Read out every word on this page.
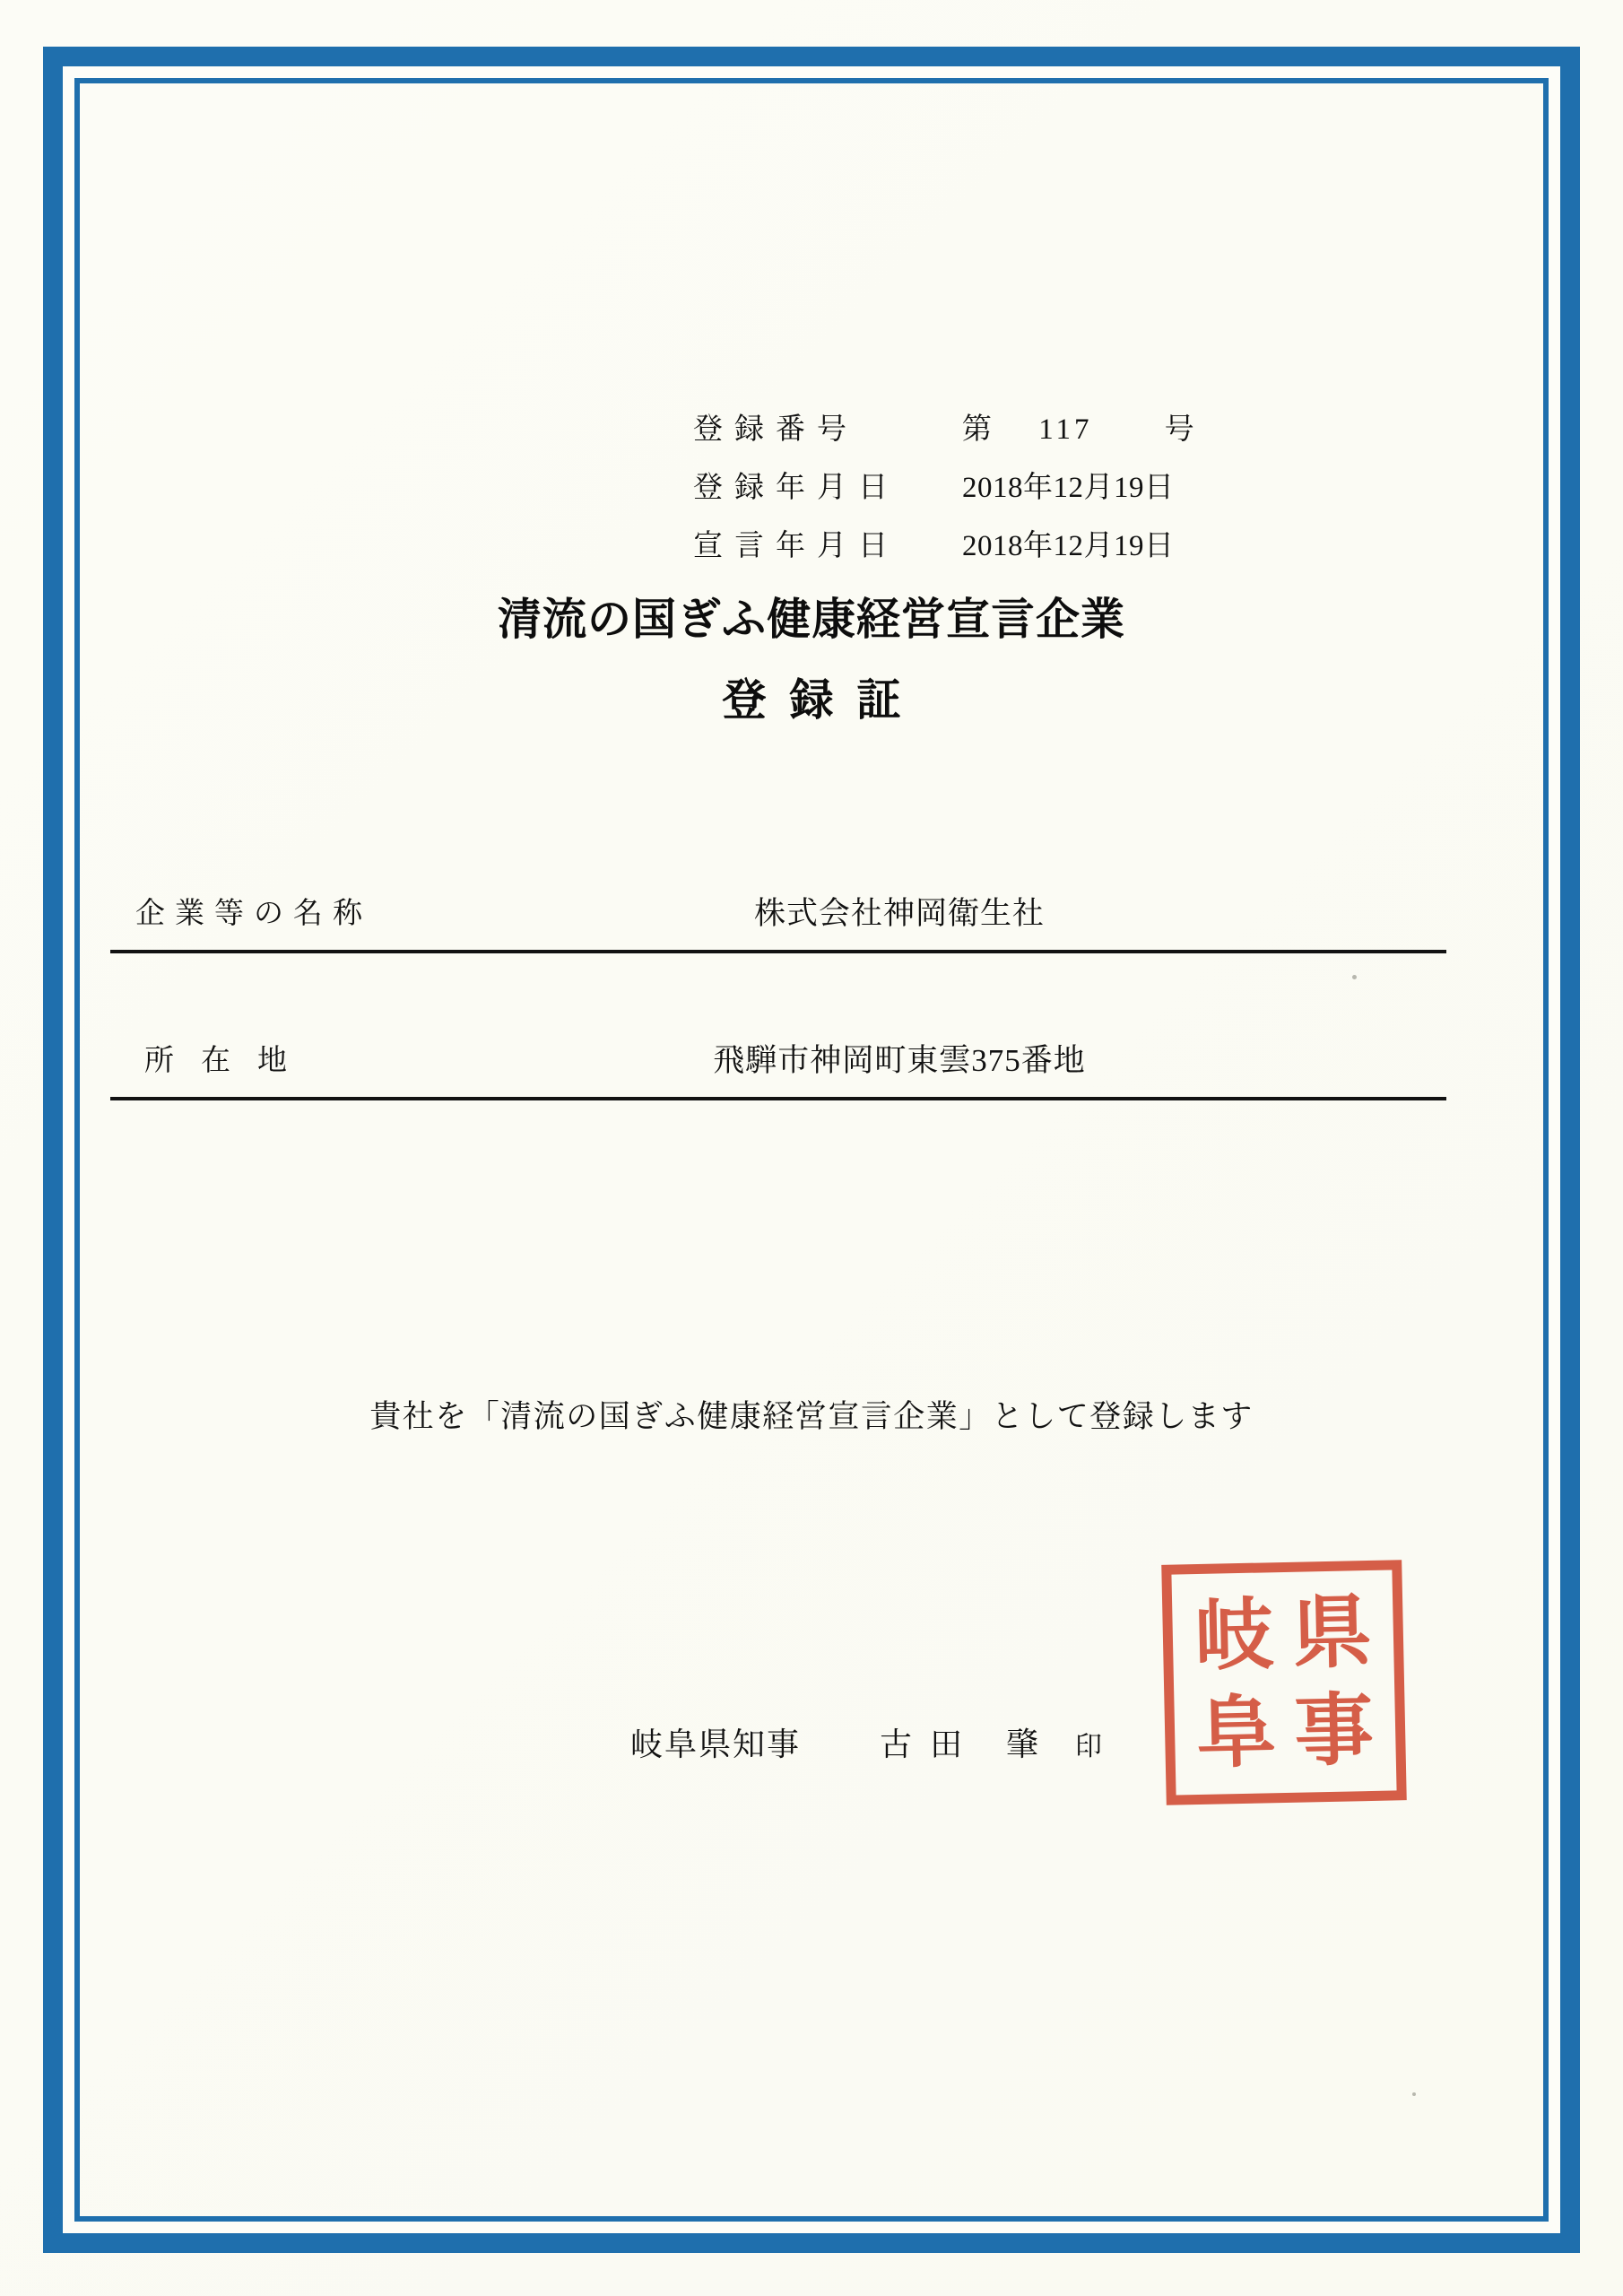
登録番号	第 117 号
登録年月日	2018年12月19日
宣言年月日	2018年12月19日
清流の国ぎふ健康経営宣言企業
登録証
企業等の名称	株式会社神岡衛生社
所在地	飛騨市神岡町東雲375番地
貴社を「清流の国ぎふ健康経営宣言企業」として登録します
岐阜県知事 古田 肇 印
県
岐
事
阜
